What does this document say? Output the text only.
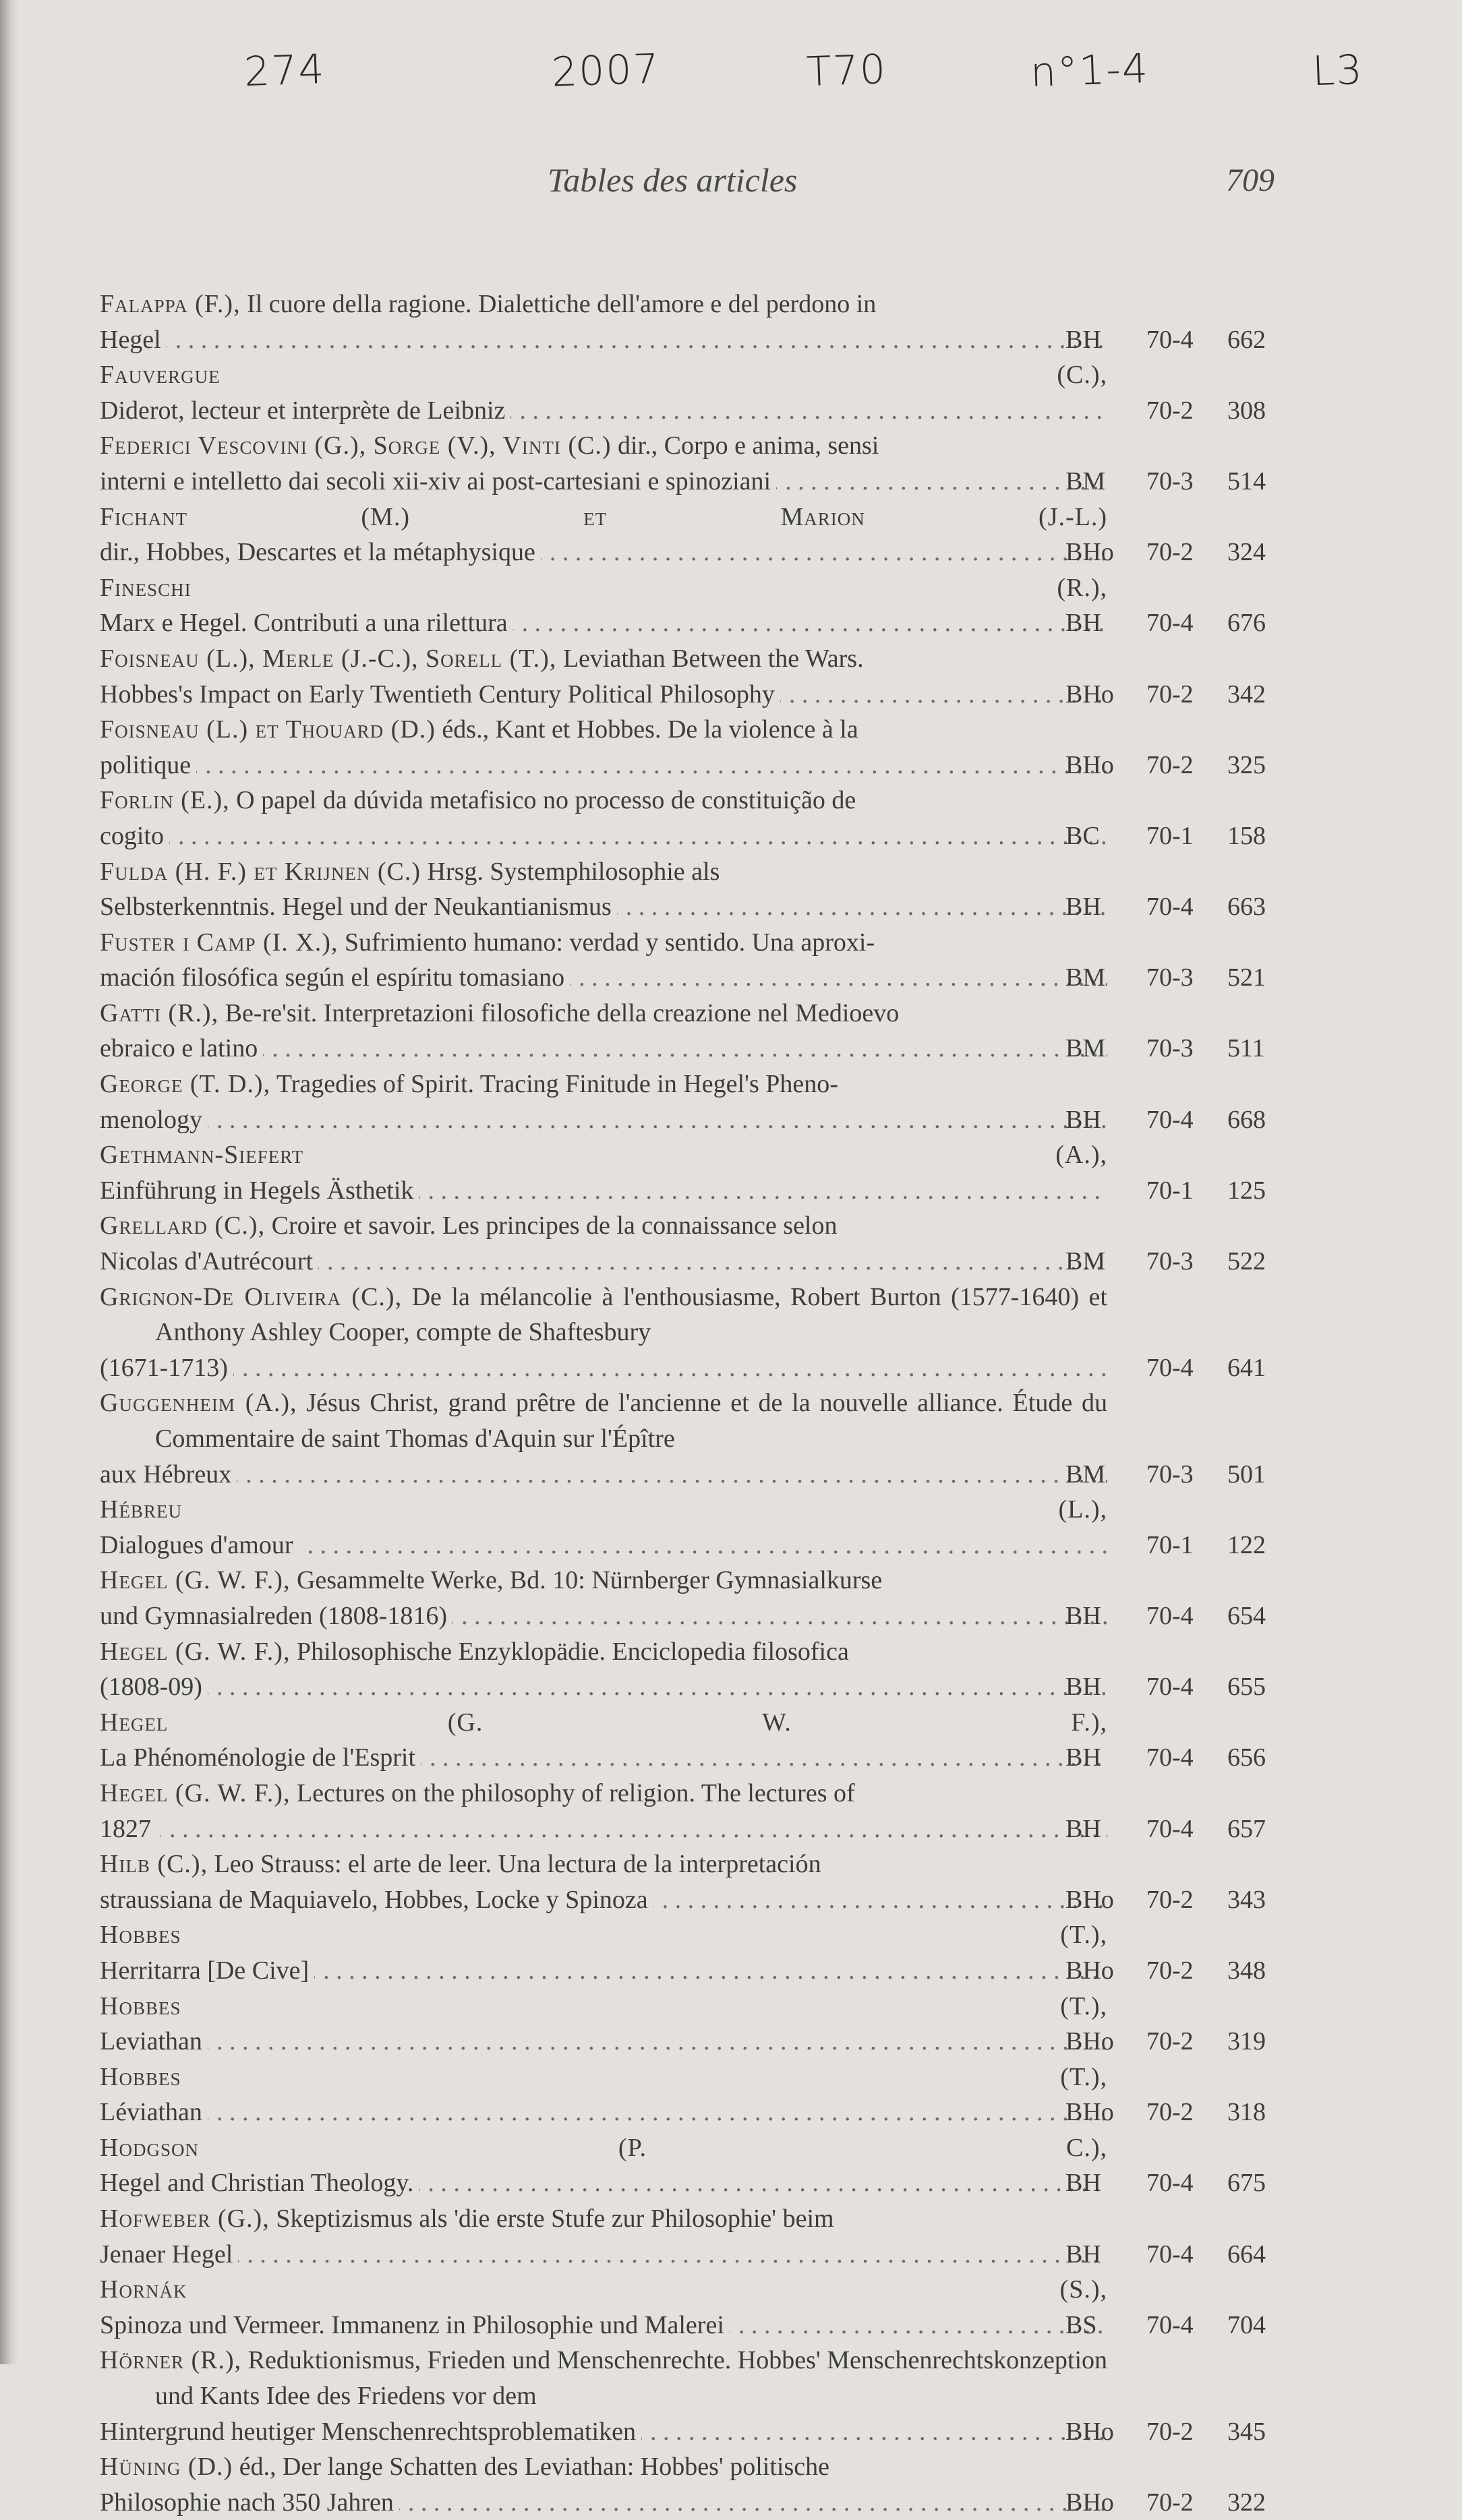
274	2007	T70	n°1-4	L3
Tables des articles	709
Falappa (F.), Il cuore della ragione. Dialettiche dell'amore e del perdono in
Hegel . . .	BH 70-4 662
Fauvergue (C.),
Diderot, lecteur et interprète de Leibniz . . .	70-2 308
Federici Vescovini (G.), Sorge (V.), Vinti (C.) dir., Corpo e anima, sensi
interni e intelletto dai secoli xii-xiv ai post-cartesiani e spinoziani . . .	BM 70-3 514
Fichant (M.) et Marion (J.-L.)
dir., Hobbes, Descartes et la métaphysique . . .	BHo 70-2 324
Fineschi (R.),
Marx e Hegel. Contributi a una rilettura . . .	BH 70-4 676
Foisneau (L.), Merle (J.-C.), Sorell (T.), Leviathan Between the Wars.
Hobbes's Impact on Early Twentieth Century Political Philosophy . . .	BHo 70-2 342
Foisneau (L.) et Thouard (D.) éds., Kant et Hobbes. De la violence à la
politique . . .	BHo 70-2 325
Forlin (E.), O papel da dúvida metafisico no processo de constituição de
cogito . . .	BC 70-1 158
Fulda (H. F.) et Krijnen (C.) Hrsg. Systemphilosophie als
Selbsterkenntnis. Hegel und der Neukantianismus . . .	BH 70-4 663
Fuster i Camp (I. X.), Sufrimiento humano: verdad y sentido. Una aproxi-
mación filosófica según el espíritu tomasiano . . .	BM 70-3 521
Gatti (R.), Be-re'sit. Interpretazioni filosofiche della creazione nel Medioevo
ebraico e latino . . .	BM 70-3 511
George (T. D.), Tragedies of Spirit. Tracing Finitude in Hegel's Pheno-
menology . . .	BH 70-4 668
Gethmann-Siefert (A.),
Einführung in Hegels Ästhetik . . .	70-1 125
Grellard (C.), Croire et savoir. Les principes de la connaissance selon
Nicolas d'Autrécourt . . .	BM 70-3 522
Grignon-De Oliveira (C.), De la mélancolie à l'enthousiasme, Robert Burton (1577-1640) et Anthony Ashley Cooper, compte de Shaftesbury
(1671-1713) . . .	70-4 641
Guggenheim (A.), Jésus Christ, grand prêtre de l'ancienne et de la nouvelle alliance. Étude du Commentaire de saint Thomas d'Aquin sur l'Épître
aux Hébreux . . .	BM 70-3 501
Hébreu (L.),
Dialogues d'amour . . .	70-1 122
Hegel (G. W. F.), Gesammelte Werke, Bd. 10: Nürnberger Gymnasialkurse
und Gymnasialreden (1808-1816) . . .	BH 70-4 654
Hegel (G. W. F.), Philosophische Enzyklopädie. Enciclopedia filosofica
(1808-09) . . .	BH 70-4 655
Hegel (G. W. F.),
La Phénoménologie de l'Esprit . . .	BH 70-4 656
Hegel (G. W. F.), Lectures on the philosophy of religion. The lectures of
1827 . . .	BH 70-4 657
Hilb (C.), Leo Strauss: el arte de leer. Una lectura de la interpretación
straussiana de Maquiavelo, Hobbes, Locke y Spinoza . . .	BHo 70-2 343
Hobbes (T.),
Herritarra [De Cive] . . .	BHo 70-2 348
Hobbes (T.),
Leviathan . . .	BHo 70-2 319
Hobbes (T.),
Léviathan . . .	BHo 70-2 318
Hodgson (P. C.),
Hegel and Christian Theology. . . .	BH 70-4 675
Hofweber (G.), Skeptizismus als 'die erste Stufe zur Philosophie' beim
Jenaer Hegel . . .	BH 70-4 664
Hornák (S.),
Spinoza und Vermeer. Immanenz in Philosophie und Malerei . . .	BS 70-4 704
Hörner (R.), Reduktionismus, Frieden und Menschenrechte. Hobbes' Menschenrechtskonzeption und Kants Idee des Friedens vor dem
Hintergrund heutiger Menschenrechtsproblematiken . . .	BHo 70-2 345
Hüning (D.) éd., Der lange Schatten des Leviathan: Hobbes' politische
Philosophie nach 350 Jahren . . .	BHo 70-2 322
